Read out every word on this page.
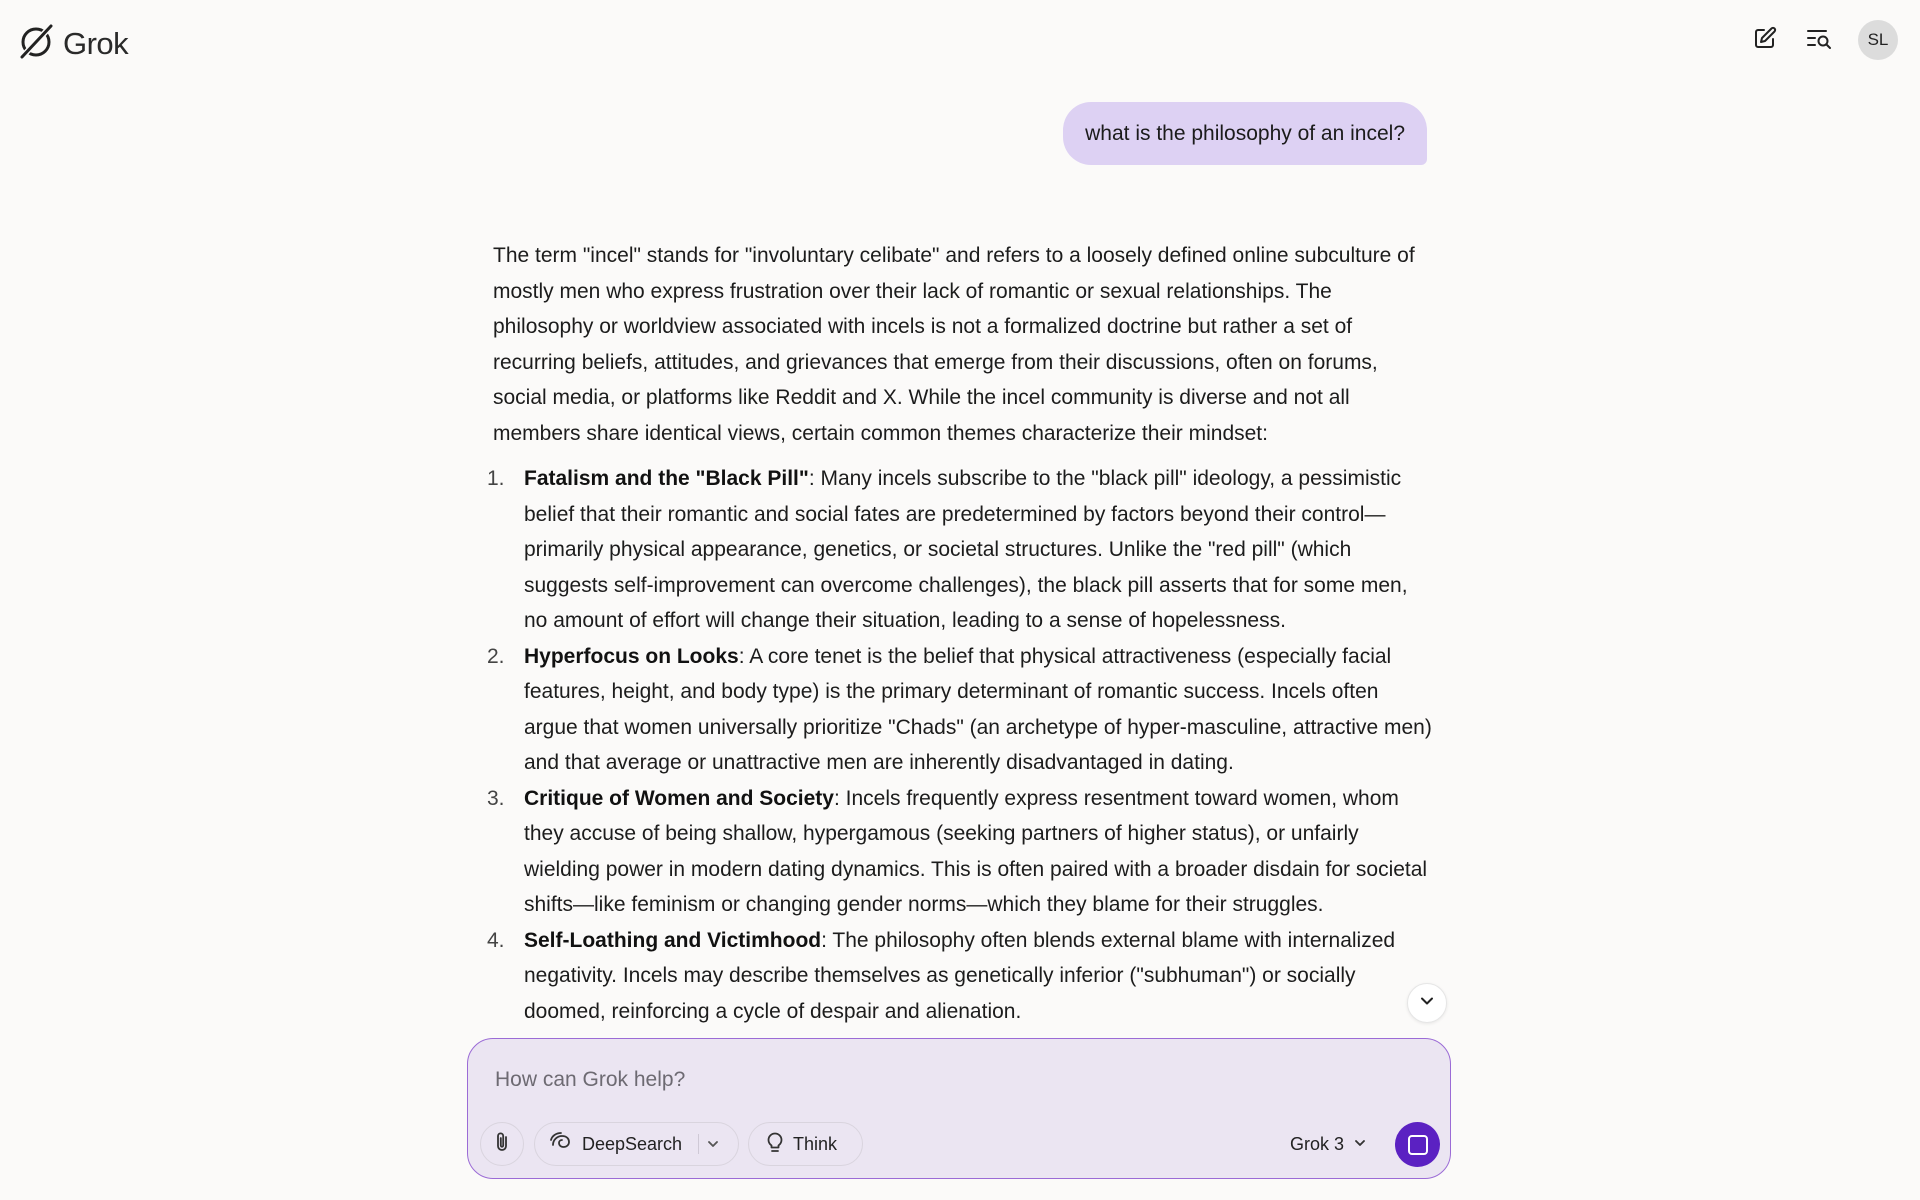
Grok	SL
what is the philosophy of an incel?

The term "incel" stands for "involuntary celibate" and refers to a loosely defined online subculture of mostly men who express frustration over their lack of romantic or sexual relationships. The philosophy or worldview associated with incels is not a formalized doctrine but rather a set of recurring beliefs, attitudes, and grievances that emerge from their discussions, often on forums, social media, or platforms like Reddit and X. While the incel community is diverse and not all members share identical views, certain common themes characterize their mindset:

1. Fatalism and the "Black Pill": Many incels subscribe to the "black pill" ideology, a pessimistic belief that their romantic and social fates are predetermined by factors beyond their control—primarily physical appearance, genetics, or societal structures. Unlike the "red pill" (which suggests self-improvement can overcome challenges), the black pill asserts that for some men, no amount of effort will change their situation, leading to a sense of hopelessness.
2. Hyperfocus on Looks: A core tenet is the belief that physical attractiveness (especially facial features, height, and body type) is the primary determinant of romantic success. Incels often argue that women universally prioritize "Chads" (an archetype of hyper-masculine, attractive men) and that average or unattractive men are inherently disadvantaged in dating.
3. Critique of Women and Society: Incels frequently express resentment toward women, whom they accuse of being shallow, hypergamous (seeking partners of higher status), or unfairly wielding power in modern dating dynamics. This is often paired with a broader disdain for societal shifts—like feminism or changing gender norms—which they blame for their struggles.
4. Self-Loathing and Victimhood: The philosophy often blends external blame with internalized negativity. Incels may describe themselves as genetically inferior ("subhuman") or socially doomed, reinforcing a cycle of despair and alienation.
How can Grok help?
DeepSearch	Think	Grok 3
